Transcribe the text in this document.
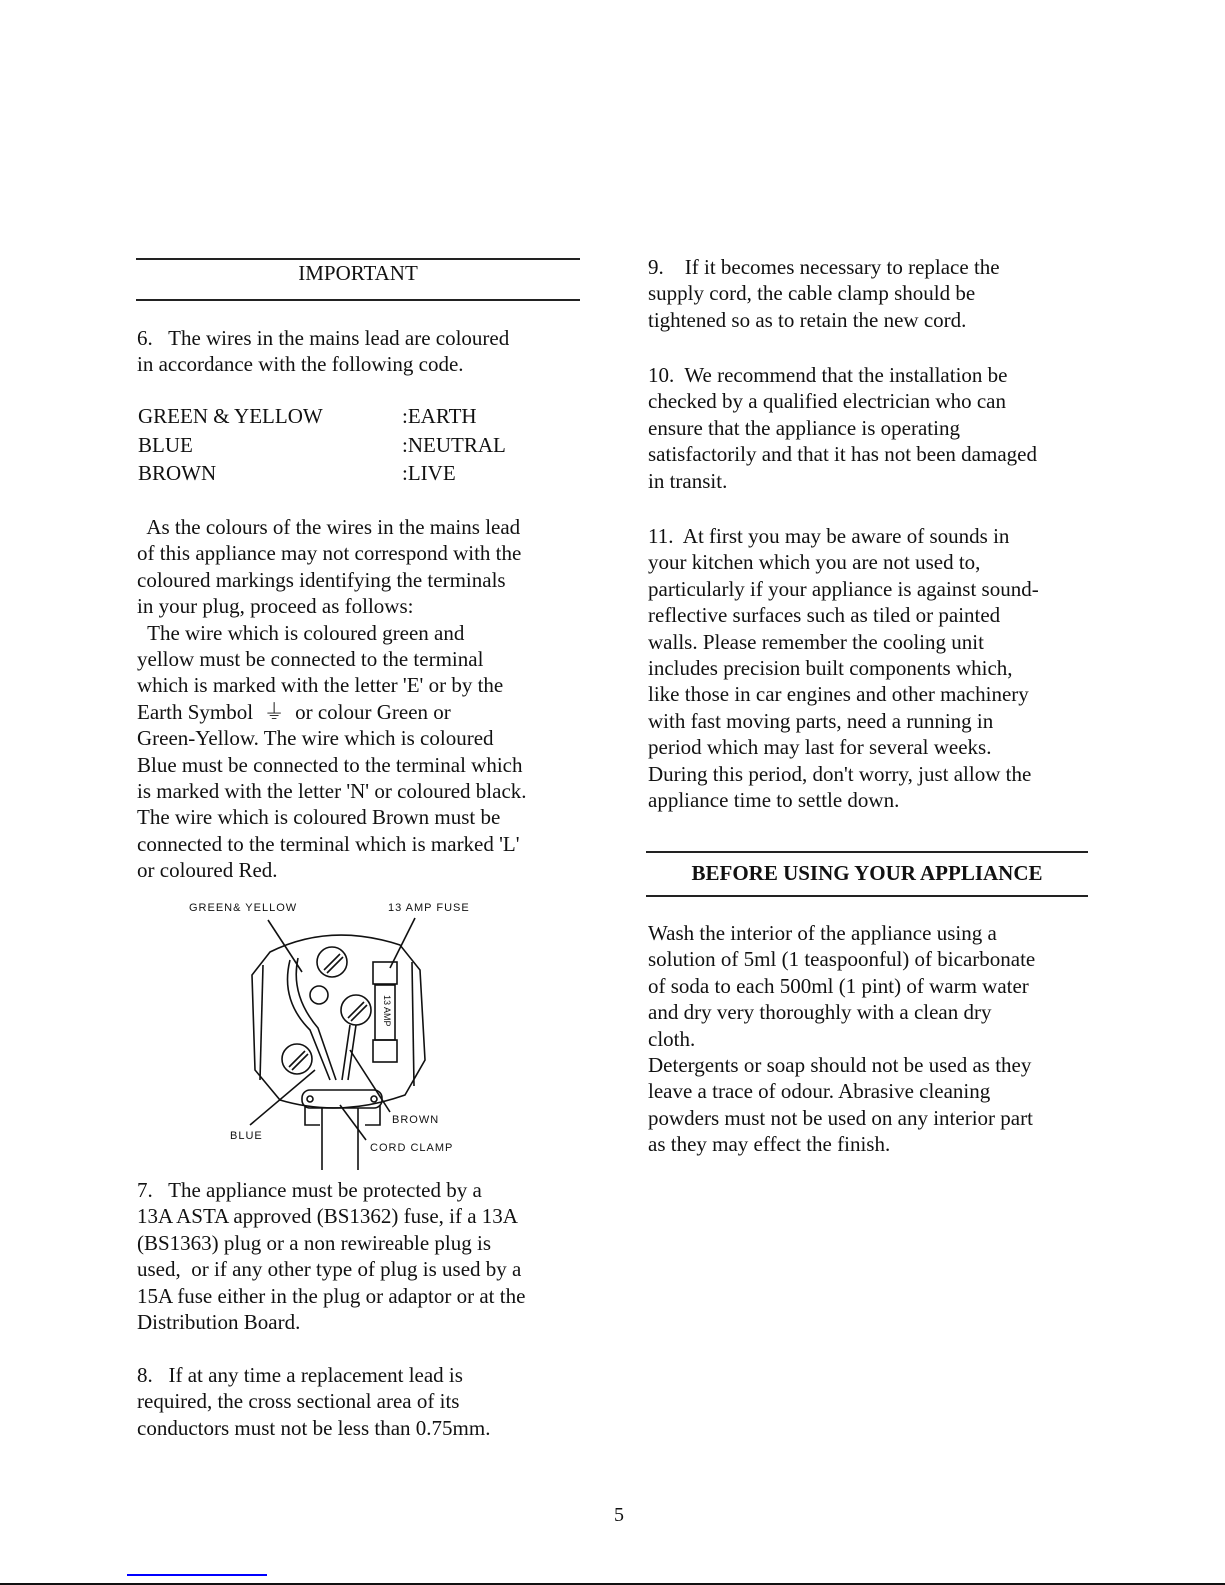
IMPORTANT
6.   The wires in the mains lead are coloured
in accordance with the following code.
GREEN & YELLOW	:EARTH
BLUE	:NEUTRAL
BROWN	:LIVE
As the colours of the wires in the mains lead
of this appliance may not correspond with the
coloured markings identifying the terminals
in your plug, proceed as follows:
The wire which is coloured green and
yellow must be connected to the terminal
which is marked with the letter 'E' or by the
Earth Symbol  ⏚  or colour Green or
Green-Yellow. The wire which is coloured
Blue must be connected to the terminal which
is marked with the letter 'N' or coloured black.
The wire which is coloured Brown must be
connected to the terminal which is marked 'L'
or coloured Red.
GREEN& YELLOW	13 AMP FUSE
BLUE
BROWN
CORD CLAMP
13 AMP
7.   The appliance must be protected by a
13A ASTA approved (BS1362) fuse, if a 13A
(BS1363) plug or a non rewireable plug is
used,  or if any other type of plug is used by a
15A fuse either in the plug or adaptor or at the
Distribution Board.
8.   If at any time a replacement lead is
required, the cross sectional area of its
conductors must not be less than 0.75mm.
9.    If it becomes necessary to replace the
supply cord, the cable clamp should be
tightened so as to retain the new cord.
10.  We recommend that the installation be
checked by a qualified electrician who can
ensure that the appliance is operating
satisfactorily and that it has not been damaged
in transit.
11.  At first you may be aware of sounds in
your kitchen which you are not used to,
particularly if your appliance is against sound-
reflective surfaces such as tiled or painted
walls. Please remember the cooling unit
includes precision built components which,
like those in car engines and other machinery
with fast moving parts, need a running in
period which may last for several weeks.
During this period, don't worry, just allow the
appliance time to settle down.
BEFORE USING YOUR APPLIANCE
Wash the interior of the appliance using a
solution of 5ml (1 teaspoonful) of bicarbonate
of soda to each 500ml (1 pint) of warm water
and dry very thoroughly with a clean dry
cloth.
Detergents or soap should not be used as they
leave a trace of odour. Abrasive cleaning
powders must not be used on any interior part
as they may effect the finish.
5
